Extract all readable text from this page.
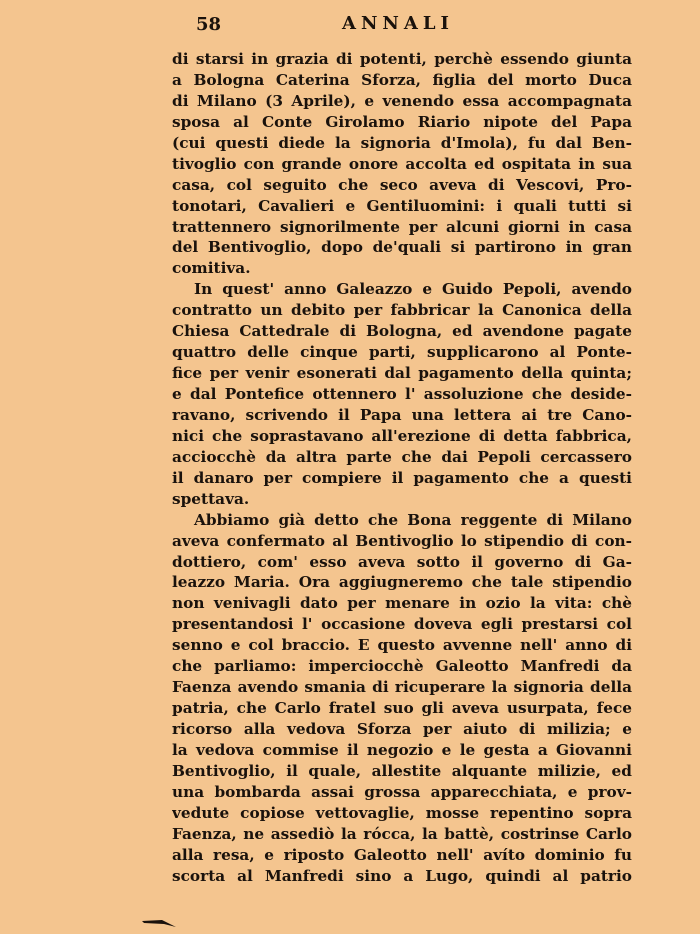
58	ANNALI
di starsi in grazia di potenti, perchè essendo giunta
a Bologna Caterina Sforza, figlia del morto Duca
di Milano (3 Aprile), e venendo essa accompagnata
sposa al Conte Girolamo Riario nipote del Papa
(cui questi diede la signoria d'Imola), fu dal Ben-
tivoglio con grande onore accolta ed ospitata in sua
casa, col seguito che seco aveva di Vescovi, Pro-
tonotari, Cavalieri e Gentiluomini: i quali tutti si
trattennero signorilmente per alcuni giorni in casa
del Bentivoglio, dopo de'quali si partirono in gran
comitiva.
In quest' anno Galeazzo e Guido Pepoli, avendo
contratto un debito per fabbricar la Canonica della
Chiesa Cattedrale di Bologna, ed avendone pagate
quattro delle cinque parti, supplicarono al Ponte-
fice per venir esonerati dal pagamento della quinta;
e dal Pontefice ottennero l' assoluzione che deside-
ravano, scrivendo il Papa una lettera ai tre Cano-
nici che soprastavano all'erezione di detta fabbrica,
acciocchè da altra parte che dai Pepoli cercassero
il danaro per compiere il pagamento che a questi
spettava.
Abbiamo già detto che Bona reggente di Milano
aveva confermato al Bentivoglio lo stipendio di con-
dottiero, com' esso aveva sotto il governo di Ga-
leazzo Maria. Ora aggiugneremo che tale stipendio
non venivagli dato per menare in ozio la vita: chè
presentandosi l' occasione doveva egli prestarsi col
senno e col braccio. E questo avvenne nell' anno di
che parliamo: imperciocchè Galeotto Manfredi da
Faenza avendo smania di ricuperare la signoria della
patria, che Carlo fratel suo gli aveva usurpata, fece
ricorso alla vedova Sforza per aiuto di milizia; e
la vedova commise il negozio e le gesta a Giovanni
Bentivoglio, il quale, allestite alquante milizie, ed
una bombarda assai grossa apparecchiata, e prov-
vedute copiose vettovaglie, mosse repentino sopra
Faenza, ne assediò la rócca, la battè, costrinse Carlo
alla resa, e riposto Galeotto nell' avíto dominio fu
scorta al Manfredi sino a Lugo, quindi al patrio
